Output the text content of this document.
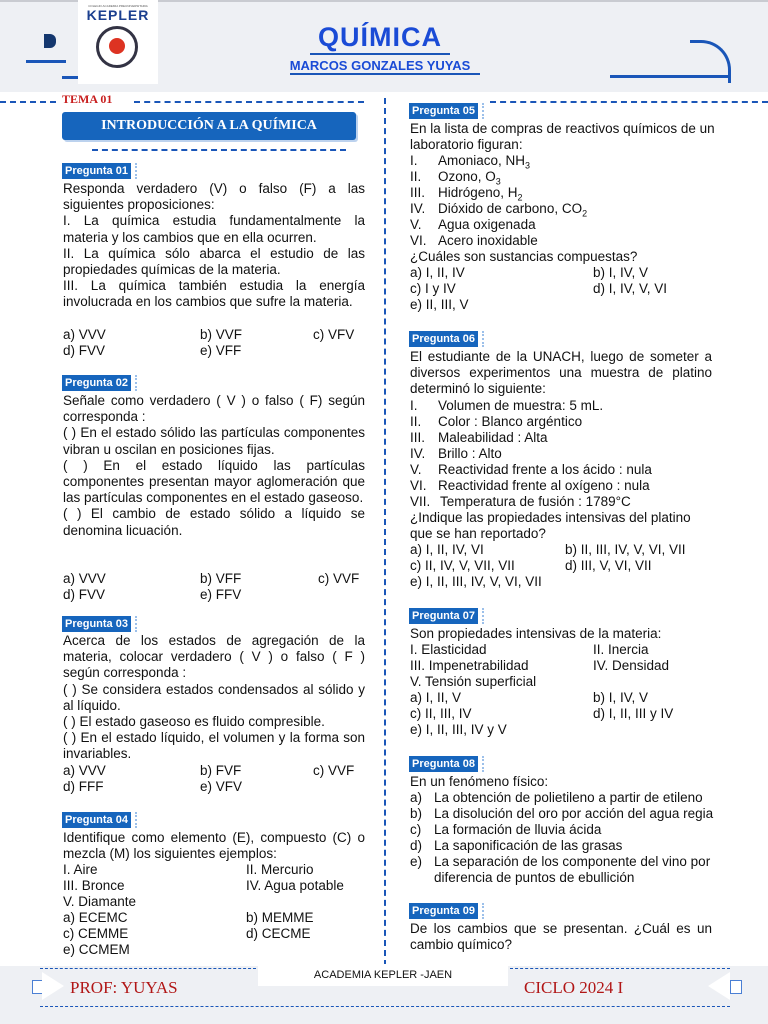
COLEGIO ACADEMIA PREUNIVERSITARIA
KEPLER
QUÍMICA
MARCOS GONZALES YUYAS
TEMA 01
INTRODUCCIÓN A LA QUÍMICA
Pregunta 01
Responda verdadero (V) o falso (F) a las siguientes proposiciones:
I. La química estudia fundamentalmente la materia y los cambios que en ella ocurren.
II. La química sólo abarca el estudio de las propiedades químicas de la materia.
III. La química también estudia la energía involucrada en los cambios que sufre la materia.
a) VVV	b) VVF	c) VFV
d) FVV	e) VFF
Pregunta 02
Señale como verdadero ( V ) o falso ( F) según corresponda :
( ) En el estado sólido las partículas componentes vibran u oscilan en posiciones fijas.
( ) En el estado líquido las partículas componentes presentan mayor aglomeración que las partículas componentes en el estado gaseoso.
( ) El cambio de estado sólido a líquido se denomina licuación.
a) VVV	b) VFF	c) VVF
d) FVV	e) FFV
Pregunta 03
Acerca de los estados de agregación de la materia, colocar verdadero ( V ) o falso ( F ) según corresponda :
( ) Se considera estados condensados al sólido y al líquido.
( ) El estado gaseoso es fluido compresible.
( ) En el estado líquido, el volumen y la forma son invariables.
a) VVV	b) FVF	c) VVF
d) FFF	e) VFV
Pregunta 04
Identifique como elemento (E), compuesto (C) o mezcla (M) los siguientes ejemplos:
I. Aire	II. Mercurio
III. Bronce	IV. Agua potable
V. Diamante
a) ECEMC	b) MEMME
c) CEMME	d) CECME
e) CCMEM
Pregunta 05
En la lista de compras de reactivos químicos de un laboratorio figuran:
I. Amoniaco, $NH_3$
II. Ozono, $O_3$
III. Hidrógeno, $H_2$
IV. Dióxido de carbono, $CO_2$
V. Agua oxigenada
VI. Acero inoxidable
¿Cuáles son sustancias compuestas?
a) I, II, IV	b) I, IV, V
c) I y IV	d) I, IV, V, VI
e) II, III, V
Pregunta 06
El estudiante de la UNACH, luego de someter a diversos experimentos una muestra de platino determinó lo siguiente:
I. Volumen de muestra: 5 mL.
II. Color : Blanco argéntico
III. Maleabilidad : Alta
IV. Brillo : Alto
V. Reactividad frente a los ácido : nula
VI. Reactividad frente al oxígeno : nula
VII. Temperatura de fusión : 1789°C
¿Indique las propiedades intensivas del platino que se han reportado?
a) I, II, IV, VI	b) II, III, IV, V, VI, VII
c) II, IV, V, VII, VII	d) III, V, VI, VII
e) I, II, III, IV, V, VI, VII
Pregunta 07
Son propiedades intensivas de la materia:
I. Elasticidad	II. Inercia
III. Impenetrabilidad	IV. Densidad
V. Tensión superficial
a) I, II, V	b) I, IV, V
c) II, III, IV	d) I, II, III y IV
e) I, II, III, IV y V
Pregunta 08
En un fenómeno físico:
a) La obtención de polietileno a partir de etileno
b) La disolución del oro por acción del agua regia
c) La formación de lluvia ácida
d) La saponificación de las grasas
e) La separación de los componente del vino por
diferencia de puntos de ebullición
Pregunta 09
De los cambios que se presentan. ¿Cuál es un cambio químico?
ACADEMIA KEPLER -JAEN
PROF: YUYAS	CICLO 2024 I
